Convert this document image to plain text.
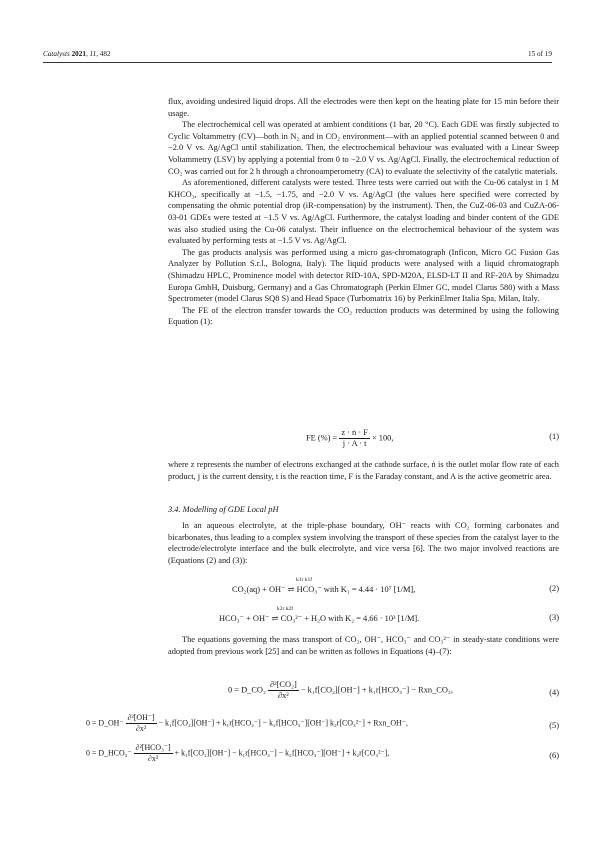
Catalysts 2021, 11, 482	15 of 19

flux, avoiding undesired liquid drops. All the electrodes were then kept on the heating plate for 15 min before their usage.

The electrochemical cell was operated at ambient conditions (1 bar, 20 °C). Each GDE was firstly subjected to Cyclic Voltammetry (CV)—both in N₂ and in CO₂ environment—with an applied potential scanned between 0 and −2.0 V vs. Ag/AgCl until stabilization. Then, the electrochemical behaviour was evaluated with a Linear Sweep Voltammetry (LSV) by applying a potential from 0 to −2.0 V vs. Ag/AgCl. Finally, the electrochemical reduction of CO₂ was carried out for 2 h through a chronoamperometry (CA) to evaluate the selectivity of the catalytic materials.

As aforementioned, different catalysts were tested. Three tests were carried out with the Cu-06 catalyst in 1 M KHCO₃, specifically at −1.5, −1.75, and −2.0 V vs. Ag/AgCl (the values here specified were corrected by compensating the ohmic potential drop (iR-compensation) by the instrument). Then, the CuZ-06-03 and CuZA-06-03-01 GDEs were tested at −1.5 V vs. Ag/AgCl. Furthermore, the catalyst loading and binder content of the GDE was also studied using the Cu-06 catalyst. Their influence on the electrochemical behaviour of the system was evaluated by performing tests at −1.5 V vs. Ag/AgCl.

The gas products analysis was performed using a micro gas-chromatograph (Inficon, Micro GC Fusion Gas Analyzer by Pollution S.r.l., Bologna, Italy). The liquid products were analysed with a liquid chromatograph (Shimadzu HPLC, Prominence model with detector RID-10A, SPD-M20A, ELSD-LT II and RF-20A by Shimadzu Europa GmbH, Duisburg, Germany) and a Gas Chromatograph (Perkin Elmer GC, model Clarus 580) with a Mass Spectrometer (model Clarus SQ8 S) and Head Space (Turbomatrix 16) by PerkinElmer Italia Spa, Milan, Italy.

The FE of the electron transfer towards the CO₂ reduction products was determined by using the following Equation (1):

FE (%) = $\frac{\text{z · ṅ · F}}{j \cdot A \cdot t} \times 100$,	(1)

where z represents the number of electrons exchanged at the cathode surface, ṅ is the outlet molar flow rate of each product, j is the current density, t is the reaction time, F is the Faraday constant, and A is the active geometric area.

3.4. Modelling of GDE Local pH

In an aqueous electrolyte, at the triple-phase boundary, OH⁻ reacts with CO₂ forming carbonates and bicarbonates, thus leading to a complex system involving the transport of these species from the catalyst layer to the electrode/electrolyte interface and the bulk electrolyte, and vice versa [6]. The two major involved reactions are (Equations (2) and (3)):

k1r k1f
CO₂(aq) + OH⁻ ⇌ HCO₃⁻ with K₁ = 4.44 · 10⁷ [1/M],	(2)
k2r k2f
HCO₃⁻ + OH⁻ ⇌ CO₃²⁻ + H₂O with K₂ = 4.66 · 10³ [1/M].	(3)

The equations governing the mass transport of CO₂, OH⁻, HCO₃⁻ and CO₃²⁻ in steady-state conditions were adopted from previous work [25] and can be written as follows in Equations (4)–(7):

0 = D_CO₂ $\frac{\text{∂²[CO₂]}}{\text{∂x²}} - k_1f[CO_2][OH^-] + k_1r[HCO_3^-]$ − Rxn_CO₂,	(4)
0 = D_OH⁻ $\frac{\text{∂²[OH⁻]}}{\text{∂x²}} - k_1f[CO_2][OH^-] + k_1r[HCO_3^-] - k_2f[HCO_3^-][OH^-] k_2r[CO_3^{2-}]$ + Rxn_OH⁻,	(5)
0 = D_HCO₃⁻ $\frac{\text{∂²[HCO₃⁻]}}{\text{∂x²}} + k_1f[CO_2][OH^-] - k_1r[HCO_3^-] - k_2f[HCO_3^-][OH^-] + k_2r[CO_3^{2-}]$,	(6)
